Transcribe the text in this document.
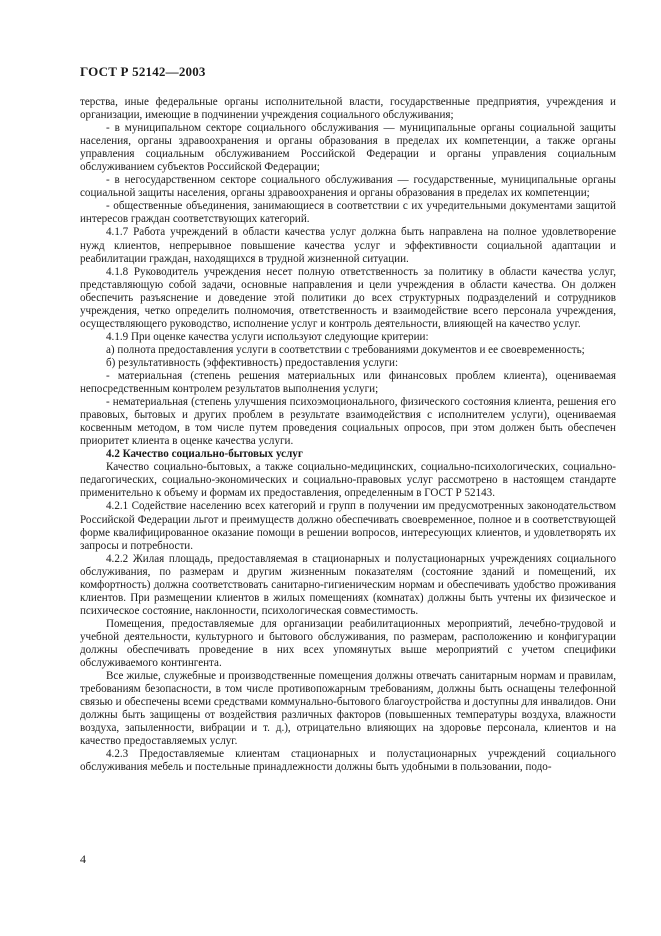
ГОСТ Р 52142—2003

терства, иные федеральные органы исполнительной власти, государственные предприятия, учреждения и организации, имеющие в подчинении учреждения социального обслуживания;

- в муниципальном секторе социального обслуживания — муниципальные органы социальной защиты населения, органы здравоохранения и органы образования в пределах их компетенции, а также органы управления социальным обслуживанием Российской Федерации и органы управления социальным обслуживанием субъектов Российской Федерации;

- в негосударственном секторе социального обслуживания — государственные, муниципальные органы социальной защиты населения, органы здравоохранения и органы образования в пределах их компетенции;

- общественные объединения, занимающиеся в соответствии с их учредительными документами защитой интересов граждан соответствующих категорий.

4.1.7 Работа учреждений в области качества услуг должна быть направлена на полное удовлетворение нужд клиентов, непрерывное повышение качества услуг и эффективности социальной адаптации и реабилитации граждан, находящихся в трудной жизненной ситуации.

4.1.8 Руководитель учреждения несет полную ответственность за политику в области качества услуг, представляющую собой задачи, основные направления и цели учреждения в области качества. Он должен обеспечить разъяснение и доведение этой политики до всех структурных подразделений и сотрудников учреждения, четко определить полномочия, ответственность и взаимодействие всего персонала учреждения, осуществляющего руководство, исполнение услуг и контроль деятельности, влияющей на качество услуг.

4.1.9 При оценке качества услуги используют следующие критерии:

а) полнота предоставления услуги в соответствии с требованиями документов и ее своевременность;

б) результативность (эффективность) предоставления услуги:

- материальная (степень решения материальных или финансовых проблем клиента), оцениваемая непосредственным контролем результатов выполнения услуги;

- нематериальная (степень улучшения психоэмоционального, физического состояния клиента, решения его правовых, бытовых и других проблем в результате взаимодействия с исполнителем услуги), оцениваемая косвенным методом, в том числе путем проведения социальных опросов, при этом должен быть обеспечен приоритет клиента в оценке качества услуги.

4.2 Качество социально-бытовых услуг

Качество социально-бытовых, а также социально-медицинских, социально-психологических, социально-педагогических, социально-экономических и социально-правовых услуг рассмотрено в настоящем стандарте применительно к объему и формам их предоставления, определенным в ГОСТ Р 52143.

4.2.1 Содействие населению всех категорий и групп в получении им предусмотренных законодательством Российской Федерации льгот и преимуществ должно обеспечивать своевременное, полное и в соответствующей форме квалифицированное оказание помощи в решении вопросов, интересующих клиентов, и удовлетворять их запросы и потребности.

4.2.2 Жилая площадь, предоставляемая в стационарных и полустационарных учреждениях социального обслуживания, по размерам и другим жизненным показателям (состояние зданий и помещений, их комфортность) должна соответствовать санитарно-гигиеническим нормам и обеспечивать удобство проживания клиентов. При размещении клиентов в жилых помещениях (комнатах) должны быть учтены их физическое и психическое состояние, наклонности, психологическая совместимость.

Помещения, предоставляемые для организации реабилитационных мероприятий, лечебно-трудовой и учебной деятельности, культурного и бытового обслуживания, по размерам, расположению и конфигурации должны обеспечивать проведение в них всех упомянутых выше мероприятий с учетом специфики обслуживаемого контингента.

Все жилые, служебные и производственные помещения должны отвечать санитарным нормам и правилам, требованиям безопасности, в том числе противопожарным требованиям, должны быть оснащены телефонной связью и обеспечены всеми средствами коммунально-бытового благоустройства и доступны для инвалидов. Они должны быть защищены от воздействия различных факторов (повышенных температуры воздуха, влажности воздуха, запыленности, вибрации и т. д.), отрицательно влияющих на здоровье персонала, клиентов и на качество предоставляемых услуг.

4.2.3 Предоставляемые клиентам стационарных и полустационарных учреждений социального обслуживания мебель и постельные принадлежности должны быть удобными в пользовании, подо-

4
